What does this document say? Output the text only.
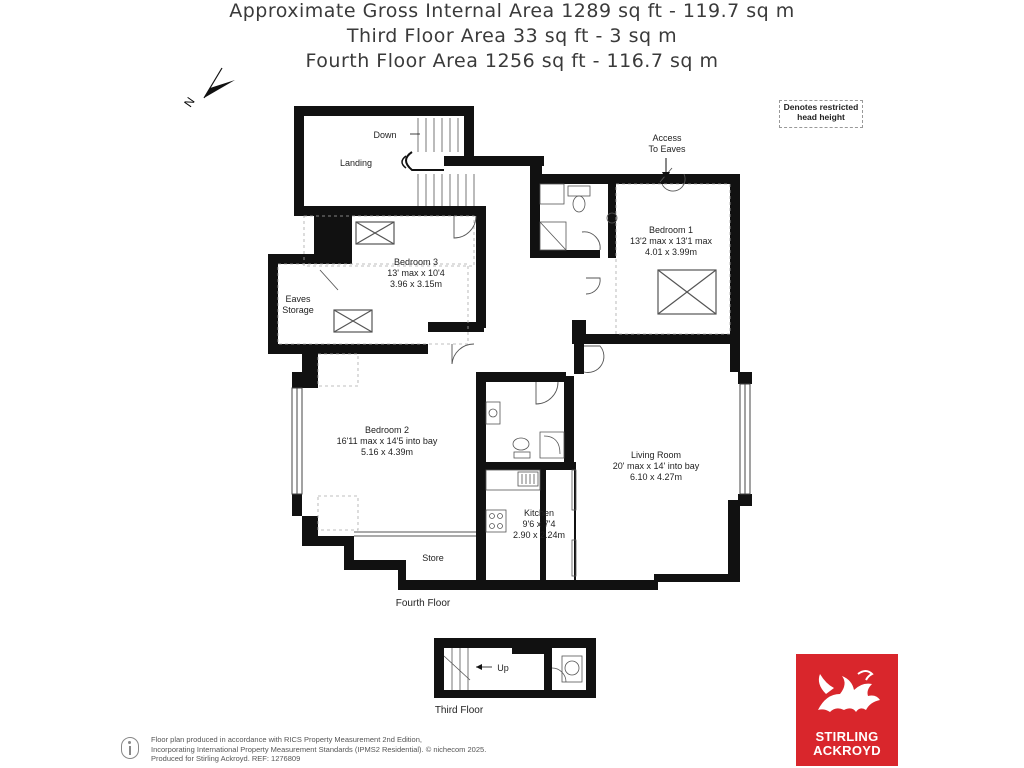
Approximate Gross Internal Area 1289 sq ft - 119.7 sq m
Third Floor Area 33 sq ft - 3 sq m
Fourth Floor Area 1256 sq ft - 116.7 sq m
Denotes restricted
head height
N
Down
Landing
Access
To Eaves
Bedroom 1
13'2 max x 13'1 max
4.01 x 3.99m
Bedroom 3
13' max x 10'4
3.96 x 3.15m
Eaves
Storage
Bedroom 2
16'11 max x 14'5 into bay
5.16 x 4.39m	Living Room
20' max x 14' into bay
6.10 x 4.27m
Kitchen
9'6 x 7'4
2.90 x 2.24m
Store
Fourth Floor
Up
Third Floor
Floor plan produced in accordance with RICS Property Measurement 2nd Edition,
Incorporating International Property Measurement Standards (IPMS2 Residential). © nichecom 2025.
Produced for Stirling Ackroyd. REF: 1276809
STIRLING
ACKROYD
